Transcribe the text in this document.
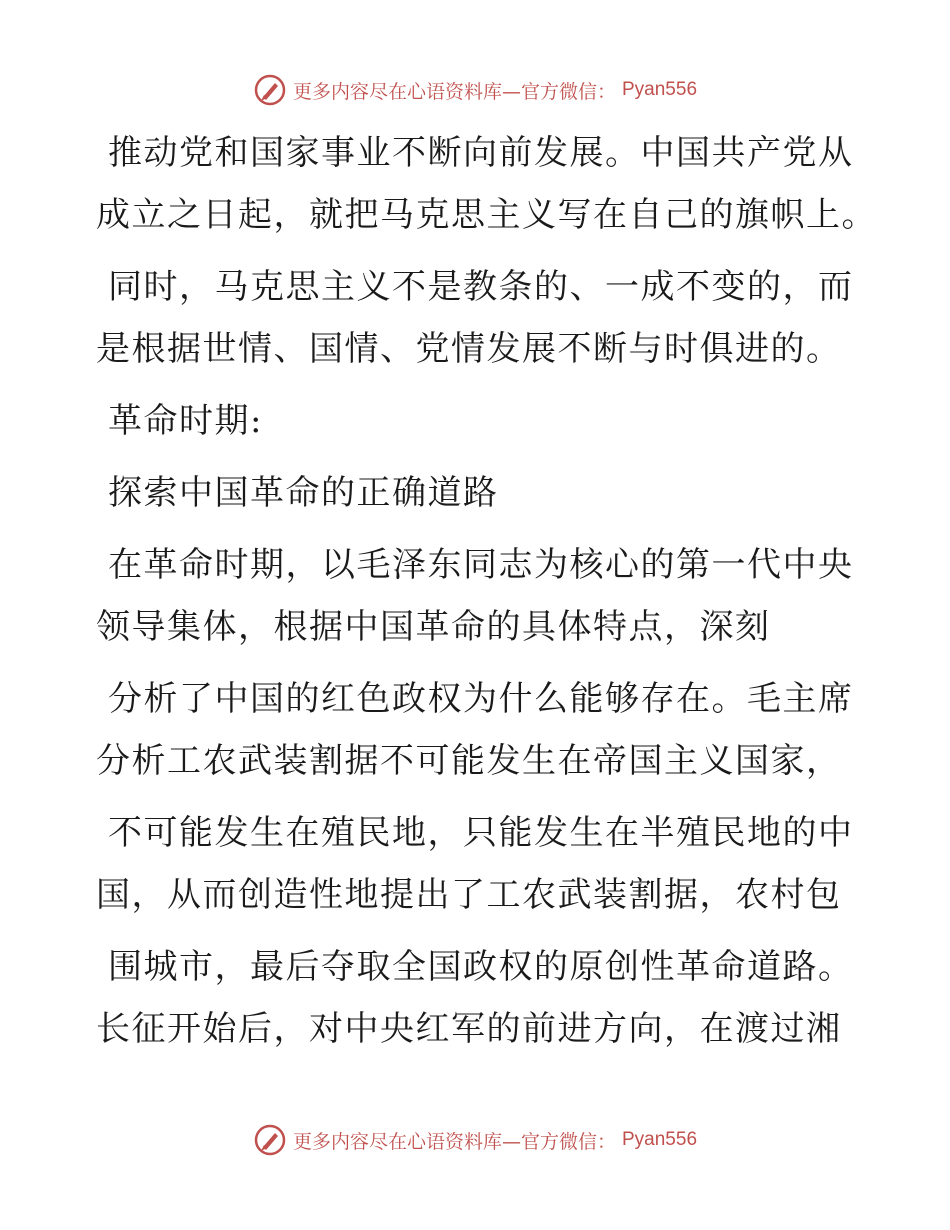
更多内容尽在心语资料库—官方微信： Pyan556
推动党和国家事业不断向前发展。中国共产党从
成立之日起，就把马克思主义写在自己的旗帜上。
同时，马克思主义不是教条的、一成不变的，而
是根据世情、国情、党情发展不断与时俱进的。
革命时期:
探索中国革命的正确道路
在革命时期，以毛泽东同志为核心的第一代中央
领导集体，根据中国革命的具体特点，深刻
分析了中国的红色政权为什么能够存在。毛主席
分析工农武装割据不可能发生在帝国主义国家，
不可能发生在殖民地，只能发生在半殖民地的中
国，从而创造性地提出了工农武装割据，农村包
围城市，最后夺取全国政权的原创性革命道路。
长征开始后，对中央红军的前进方向，在渡过湘
更多内容尽在心语资料库—官方微信： Pyan556
